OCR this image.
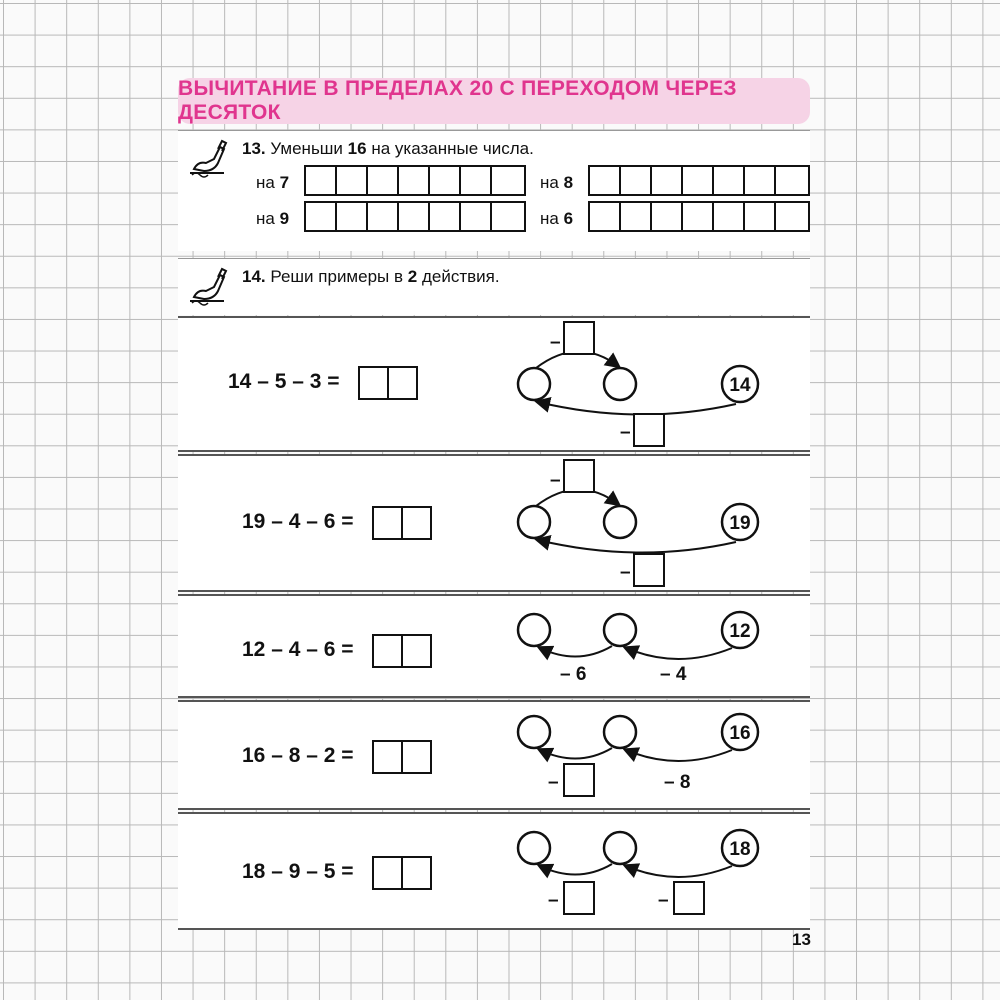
ВЫЧИТАНИЕ В ПРЕДЕЛАХ 20 С ПЕРЕХОДОМ ЧЕРЕЗ ДЕСЯТОК
13. Уменьши 16 на указанные числа.
на 7	на 8
на 9	на 6
14. Реши примеры в 2 действия.
14 – 5 – 3 =	14
–
–
19 – 4 – 6 =	19
–
–
12 – 4 – 6 =
12
– 6	– 4
16 – 8 – 2 =
16
–	– 8
18 – 9 – 5 =
18
–	–
13
